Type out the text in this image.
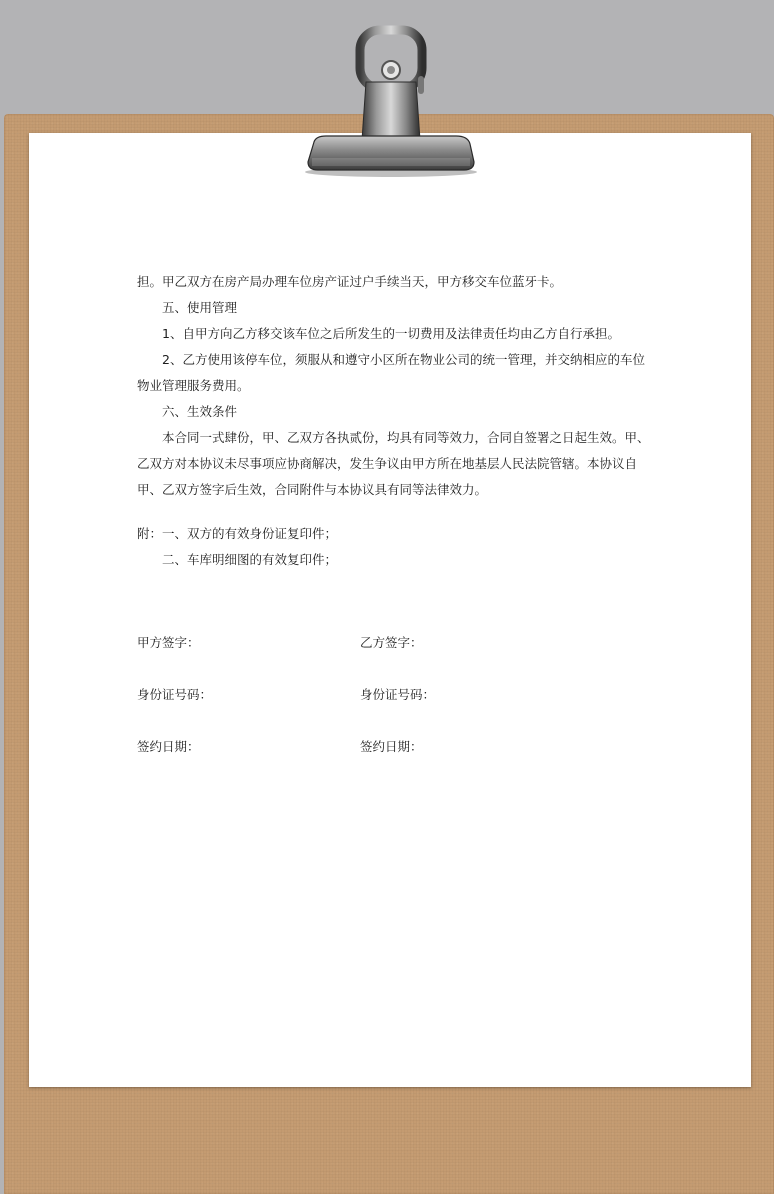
担。甲乙双方在房产局办理车位房产证过户手续当天，甲方移交车位蓝牙卡。

五、使用管理

1、自甲方向乙方移交该车位之后所发生的一切费用及法律责任均由乙方自行承担。

2、乙方使用该停车位，须服从和遵守小区所在物业公司的统一管理，并交纳相应的车位

物业管理服务费用。

六、生效条件

本合同一式肆份，甲、乙双方各执贰份，均具有同等效力，合同自签署之日起生效。甲、

乙双方对本协议未尽事项应协商解决，发生争议由甲方所在地基层人民法院管辖。本协议自

甲、乙双方签字后生效，合同附件与本协议具有同等法律效力。

附：一、双方的有效身份证复印件；

二、车库明细图的有效复印件；

甲方签字：	乙方签字：
身份证号码：	身份证号码：
签约日期：	签约日期：
